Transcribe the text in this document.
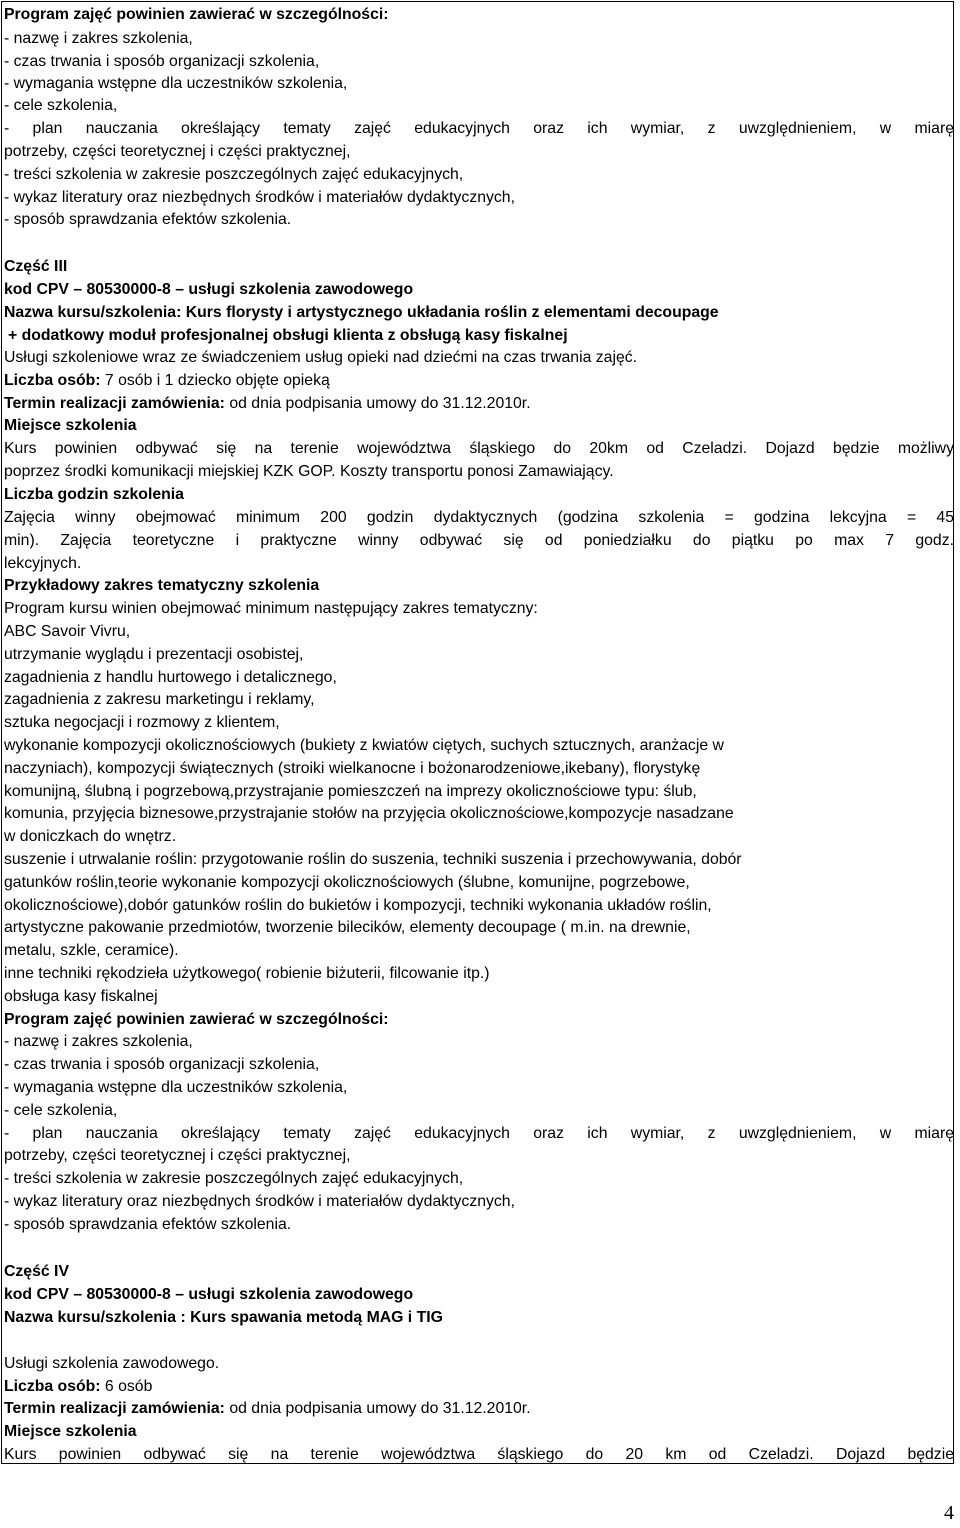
Program zajęć powinien zawierać w szczególności:
- nazwę i zakres szkolenia,
- czas trwania i sposób organizacji szkolenia,
- wymagania wstępne dla uczestników szkolenia,
- cele szkolenia,
- plan nauczania określający tematy zajęć edukacyjnych oraz ich wymiar, z uwzględnieniem, w miarę
potrzeby, części teoretycznej i części praktycznej,
- treści szkolenia w zakresie poszczególnych zajęć edukacyjnych,
- wykaz literatury oraz niezbędnych środków i materiałów dydaktycznych,
- sposób sprawdzania efektów szkolenia.
Część III
kod CPV – 80530000-8 – usługi szkolenia zawodowego
Nazwa kursu/szkolenia: Kurs florysty i artystycznego układania roślin z elementami decoupage
+ dodatkowy moduł profesjonalnej obsługi klienta z obsługą kasy fiskalnej
Usługi szkoleniowe wraz ze świadczeniem usług opieki nad dziećmi na czas trwania zajęć.
Liczba osób: 7 osób i 1 dziecko objęte opieką
Termin realizacji zamówienia: od dnia podpisania umowy do 31.12.2010r.
Miejsce szkolenia
Kurs powinien odbywać się na terenie województwa śląskiego do 20km od Czeladzi. Dojazd będzie możliwy
poprzez środki komunikacji miejskiej KZK GOP. Koszty transportu ponosi Zamawiający.
Liczba godzin szkolenia
Zajęcia winny obejmować minimum 200 godzin dydaktycznych (godzina szkolenia = godzina lekcyjna = 45
min). Zajęcia teoretyczne i praktyczne winny odbywać się od poniedziałku do piątku po max 7 godz.
lekcyjnych.
Przykładowy zakres tematyczny szkolenia
Program kursu winien obejmować minimum następujący zakres tematyczny:
ABC Savoir Vivru,
utrzymanie wyglądu i prezentacji osobistej,
zagadnienia z handlu hurtowego i detalicznego,
zagadnienia z zakresu marketingu i reklamy,
sztuka negocjacji i rozmowy z klientem,
wykonanie kompozycji okolicznościowych (bukiety z kwiatów ciętych, suchych sztucznych, aranżacje w
naczyniach), kompozycji świątecznych (stroiki wielkanocne i bożonarodzeniowe,ikebany), florystykę
komunijną, ślubną i pogrzebową,przystrajanie pomieszczeń na imprezy okolicznościowe typu: ślub,
komunia, przyjęcia biznesowe,przystrajanie stołów na przyjęcia okolicznościowe,kompozycje nasadzane
w doniczkach do wnętrz.
suszenie i utrwalanie roślin: przygotowanie roślin do suszenia, techniki suszenia i przechowywania, dobór
gatunków roślin,teorie wykonanie kompozycji okolicznościowych (ślubne, komunijne, pogrzebowe,
okolicznościowe),dobór gatunków roślin do bukietów i kompozycji, techniki wykonania układów roślin,
artystyczne pakowanie przedmiotów, tworzenie bilecików, elementy decoupage ( m.in. na drewnie,
metalu, szkle, ceramice).
inne techniki rękodzieła użytkowego( robienie biżuterii, filcowanie itp.)
obsługa kasy fiskalnej
Program zajęć powinien zawierać w szczególności:
- nazwę i zakres szkolenia,
- czas trwania i sposób organizacji szkolenia,
- wymagania wstępne dla uczestników szkolenia,
- cele szkolenia,
- plan nauczania określający tematy zajęć edukacyjnych oraz ich wymiar, z uwzględnieniem, w miarę
potrzeby, części teoretycznej i części praktycznej,
- treści szkolenia w zakresie poszczególnych zajęć edukacyjnych,
- wykaz literatury oraz niezbędnych środków i materiałów dydaktycznych,
- sposób sprawdzania efektów szkolenia.
Część IV
kod CPV – 80530000-8 – usługi szkolenia zawodowego
Nazwa kursu/szkolenia : Kurs spawania metodą MAG i TIG
Usługi szkolenia zawodowego.
Liczba osób: 6 osób
Termin realizacji zamówienia: od dnia podpisania umowy do 31.12.2010r.
Miejsce szkolenia
Kurs powinien odbywać się na terenie województwa śląskiego do 20 km od Czeladzi. Dojazd będzie
4
